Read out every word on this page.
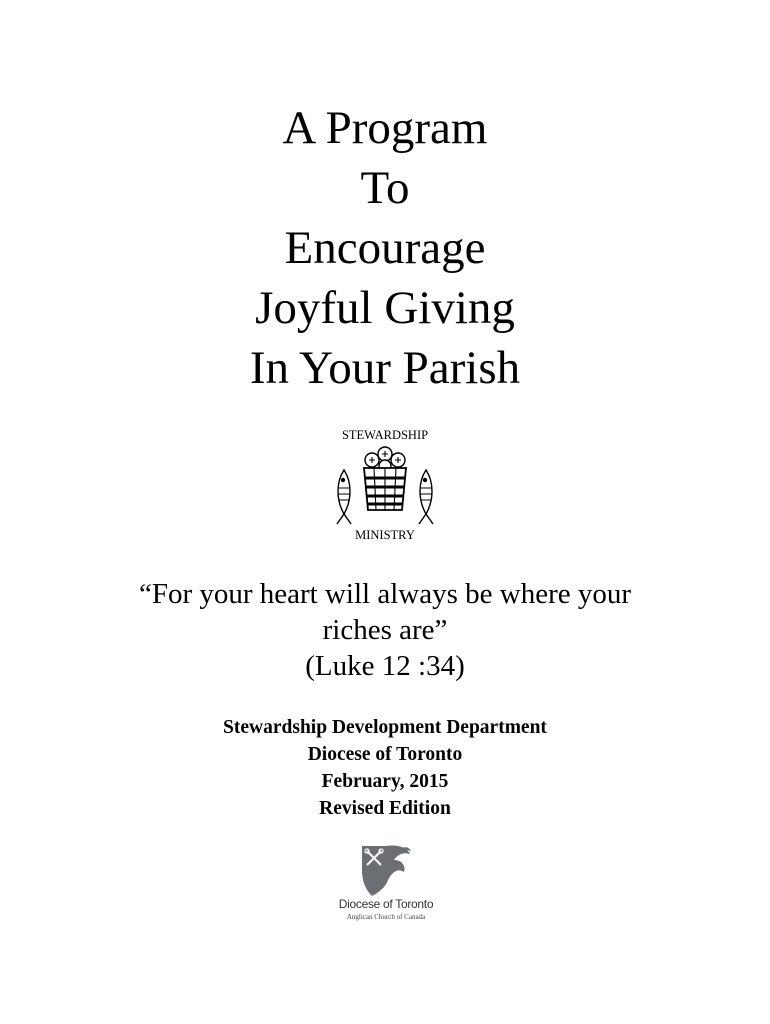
A Program
To
Encourage
Joyful Giving
In Your Parish
STEWARDSHIP
MINISTRY
“For your heart will always be where your
riches are”
(Luke 12 :34)
Stewardship Development Department
Diocese of Toronto
February, 2015
Revised Edition
Diocese of Toronto
Anglican Church of Canada
